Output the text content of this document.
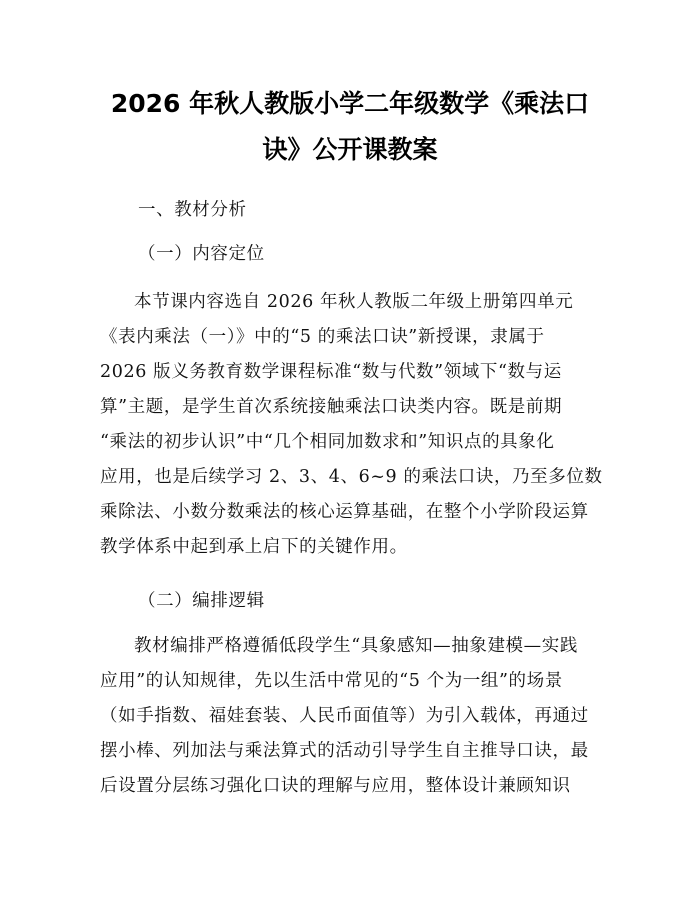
2026 年秋人教版小学二年级数学《乘法口
诀》公开课教案

一、教材分析

（一）内容定位

本节课内容选自 2026 年秋人教版二年级上册第四单元

《表内乘法（一）》中的“5 的乘法口诀”新授课，隶属于

2026 版义务教育数学课程标准“数与代数”领域下“数与运

算”主题，是学生首次系统接触乘法口诀类内容。既是前期

“乘法的初步认识”中“几个相同加数求和”知识点的具象化

应用，也是后续学习 2、3、4、6~9 的乘法口诀，乃至多位数

乘除法、小数分数乘法的核心运算基础，在整个小学阶段运算

教学体系中起到承上启下的关键作用。

（二）编排逻辑

教材编排严格遵循低段学生“具象感知—抽象建模—实践

应用”的认知规律，先以生活中常见的“5 个为一组”的场景

（如手指数、福娃套装、人民币面值等）为引入载体，再通过

摆小棒、列加法与乘法算式的活动引导学生自主推导口诀，最

后设置分层练习强化口诀的理解与应用，整体设计兼顾知识
